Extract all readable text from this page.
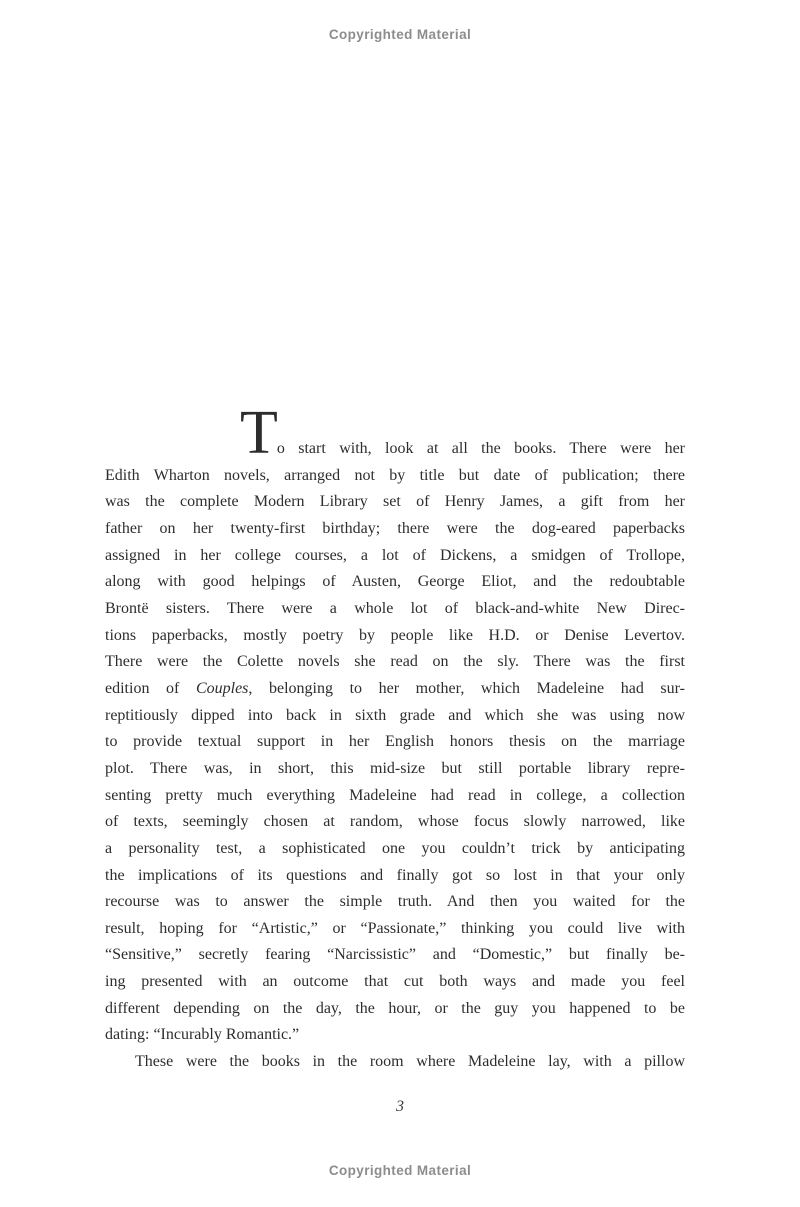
Copyrighted Material
To start with, look at all the books. There were her
Edith Wharton novels, arranged not by title but date of publication; there
was the complete Modern Library set of Henry James, a gift from her
father on her twenty-first birthday; there were the dog-eared paperbacks
assigned in her college courses, a lot of Dickens, a smidgen of Trollope,
along with good helpings of Austen, George Eliot, and the redoubtable
Brontë sisters. There were a whole lot of black-and-white New Direc-
tions paperbacks, mostly poetry by people like H.D. or Denise Levertov.
There were the Colette novels she read on the sly. There was the first
edition of Couples, belonging to her mother, which Madeleine had sur-
reptitiously dipped into back in sixth grade and which she was using now
to provide textual support in her English honors thesis on the marriage
plot. There was, in short, this mid-size but still portable library repre-
senting pretty much everything Madeleine had read in college, a collection
of texts, seemingly chosen at random, whose focus slowly narrowed, like
a personality test, a sophisticated one you couldn’t trick by anticipating
the implications of its questions and finally got so lost in that your only
recourse was to answer the simple truth. And then you waited for the
result, hoping for “Artistic,” or “Passionate,” thinking you could live with
“Sensitive,” secretly fearing “Narcissistic” and “Domestic,” but finally be-
ing presented with an outcome that cut both ways and made you feel
different depending on the day, the hour, or the guy you happened to be
dating: “Incurably Romantic.”
These were the books in the room where Madeleine lay, with a pillow
3
Copyrighted Material
